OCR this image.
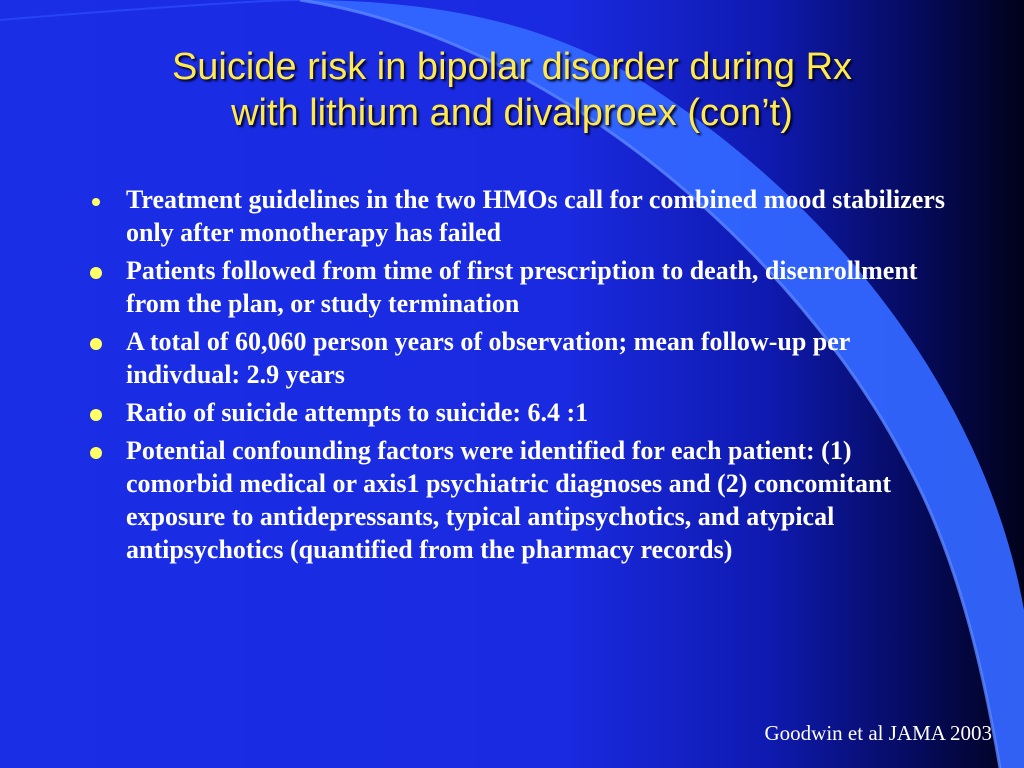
Suicide risk in bipolar disorder during Rx
with lithium and divalproex (con’t)
Treatment guidelines in the two HMOs call for combined mood stabilizers only after monotherapy has failed
Patients followed from time of first prescription to death, disenrollment from the plan, or study termination
A total of 60,060 person years of observation; mean follow-up per indivdual: 2.9 years
Ratio of suicide attempts to suicide: 6.4 :1
Potential confounding factors were identified for each patient: (1) comorbid medical or axis1 psychiatric diagnoses and (2) concomitant exposure to antidepressants, typical antipsychotics, and atypical antipsychotics (quantified from the pharmacy records)
Goodwin et al JAMA 2003
